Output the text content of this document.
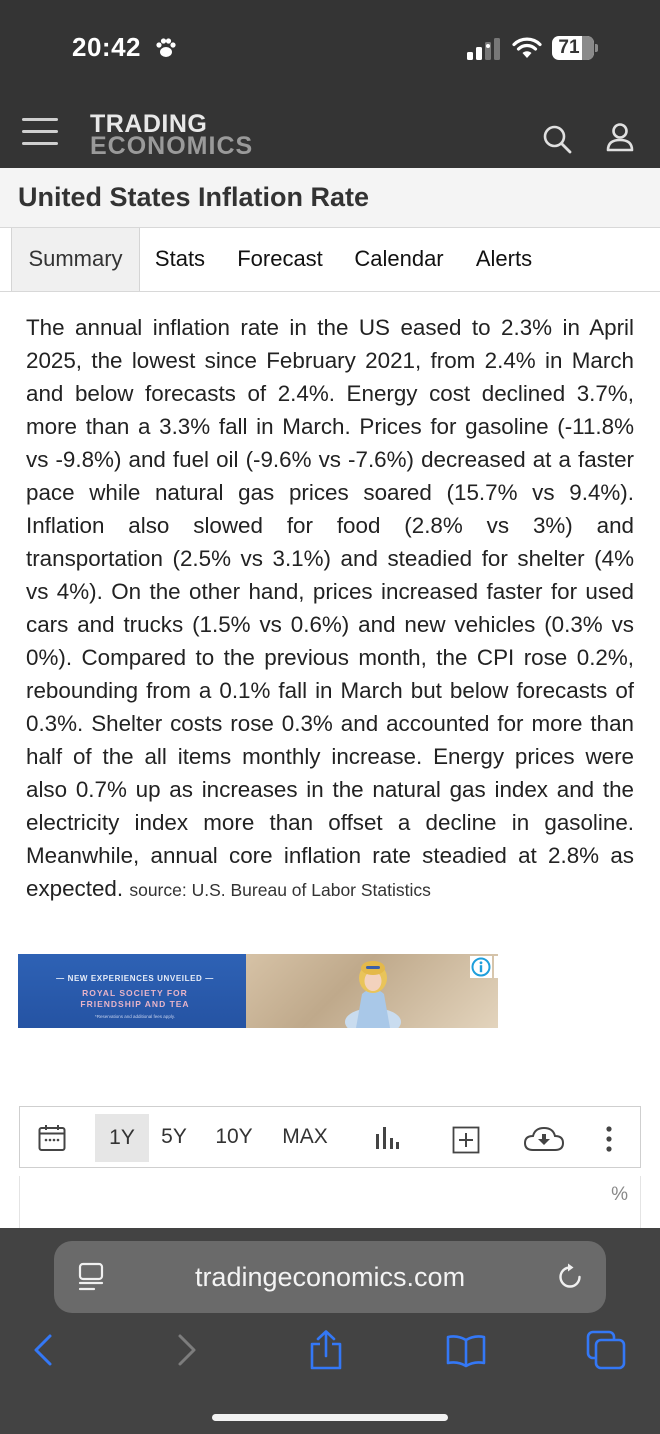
20:42	71
TRADING
ECONOMICS
United States Inflation Rate
Summary	Stats	Forecast	Calendar	Alerts
The annual inflation rate in the US eased to 2.3% in April 2025, the lowest since February 2021, from 2.4% in March and below forecasts of 2.4%. Energy cost declined 3.7%, more than a 3.3% fall in March. Prices for gasoline (-11.8% vs -9.8%) and fuel oil (-9.6% vs -7.6%) decreased at a faster pace while natural gas prices soared (15.7% vs 9.4%). Inflation also slowed for food (2.8% vs 3%) and transportation (2.5% vs 3.1%) and steadied for shelter (4% vs 4%). On the other hand, prices increased faster for used cars and trucks (1.5% vs 0.6%) and new vehicles (0.3% vs 0%). Compared to the previous month, the CPI rose 0.2%, rebounding from a 0.1% fall in March but below forecasts of 0.3%. Shelter costs rose 0.3% and accounted for more than half of the all items monthly increase. Energy prices were also 0.7% up as increases in the natural gas index and the electricity index more than offset a decline in gasoline. Meanwhile, annual core inflation rate steadied at 2.8% as expected. source: U.S. Bureau of Labor Statistics
— NEW EXPERIENCES UNVEILED —
ROYAL SOCIETY FOR
FRIENDSHIP AND TEA
*Reservations and additional fees apply.
1Y	5Y	10Y	MAX
%
tradingeconomics.com
